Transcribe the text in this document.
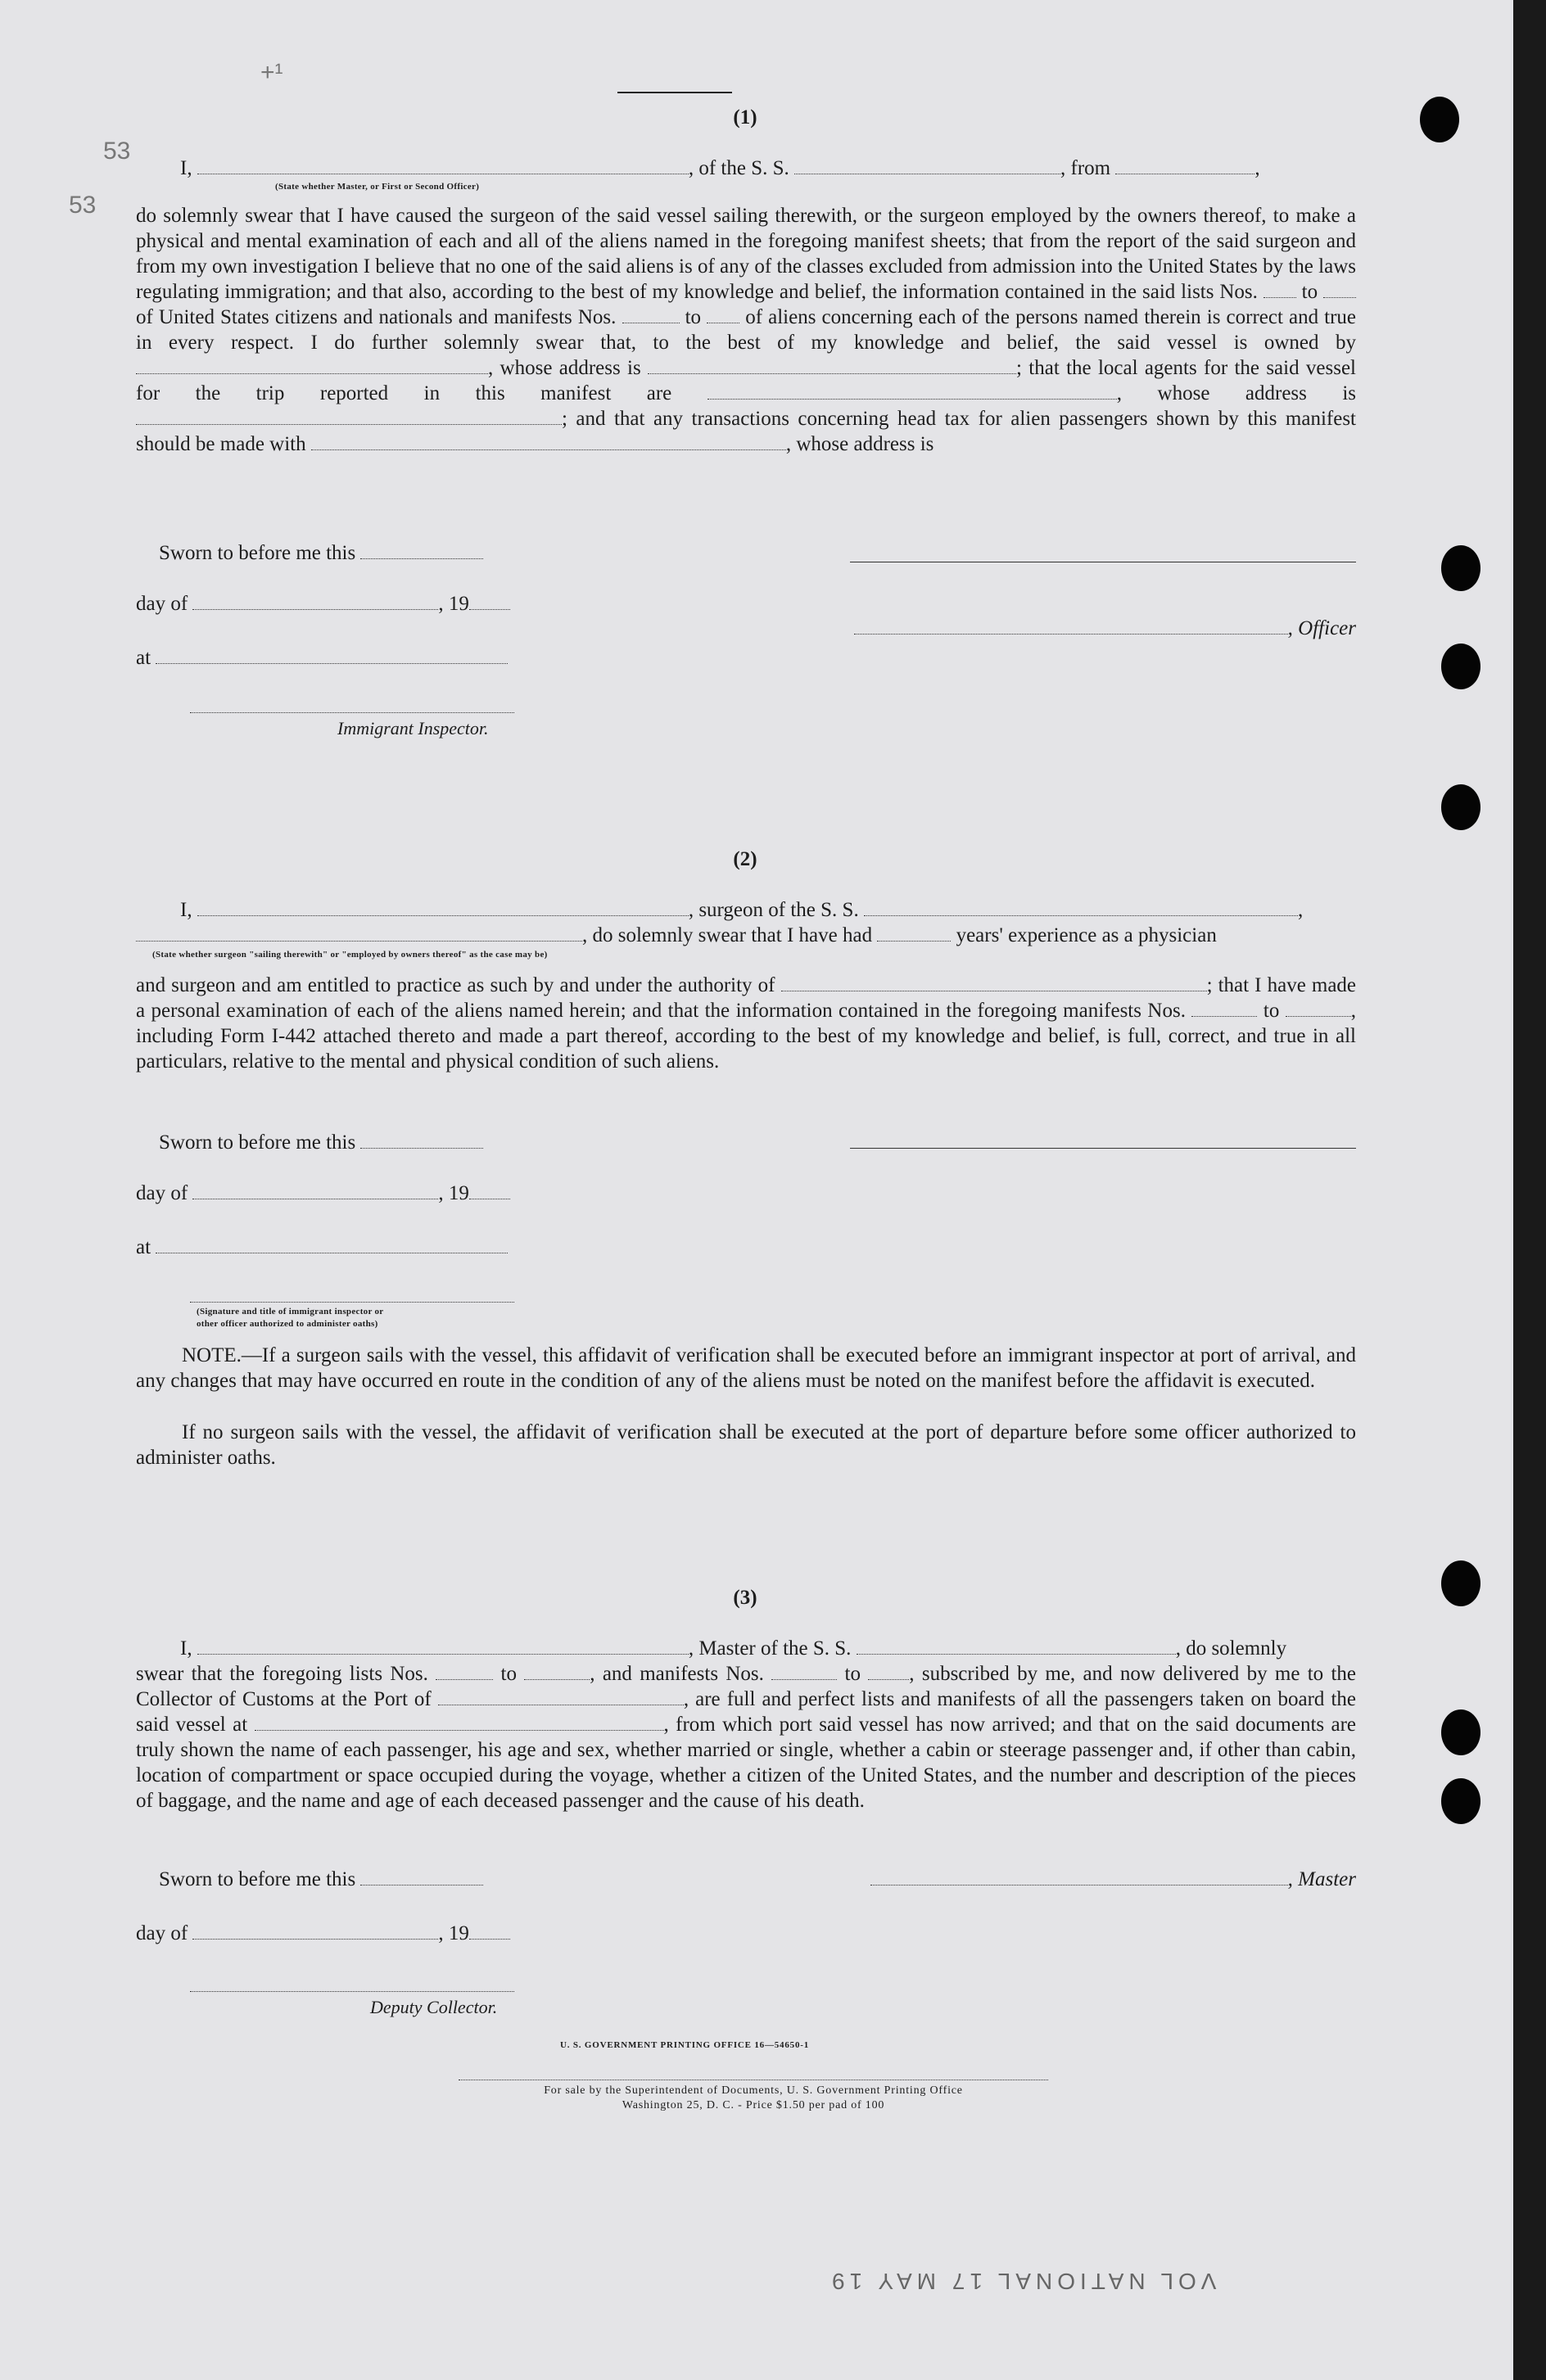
+¹
53
53
(1)
I,	, of the S. S.	, from	,
(State whether Master, or First or Second Officer)
do solemnly swear that I have caused the surgeon of the said vessel sailing therewith, or the surgeon employed by the owners thereof, to make a physical and mental examination of each and all of the aliens named in the foregoing manifest sheets; that from the report of the said surgeon and from my own investigation I believe that no one of the said aliens is of any of the classes excluded from admission into the United States by the laws regulating immigration; and that also, according to the best of my knowledge and belief, the information contained in the said lists Nos. to  of United States citizens and nationals and manifests Nos.	to of aliens concerning each of the persons named therein is correct and true in every respect. I do further solemnly swear that, to the best of my knowledge and belief, the said vessel is owned by , whose address is	; that the local agents for the said vessel for the trip reported in this manifest are	, whose address is ; and that any transactions concerning head tax for alien passengers shown by this manifest should be made with	, whose address is
Sworn to before me this
day of	, 19
at
Immigrant Inspector.
, Officer
(2)
I,	, surgeon of the S. S.	,
, do solemnly swear that I have had	years' experience as a physician
(State whether surgeon "sailing therewith" or "employed by owners thereof" as the case may be)
and surgeon and am entitled to practice as such by and under the authority of	; that I have made a personal examination of each of the aliens named herein; and that the information contained in the foregoing manifests Nos.	to	, including Form I-442 attached thereto and made a part thereof, according to the best of my knowledge and belief, is full, correct, and true in all particulars, relative to the mental and physical condition of such aliens.
Sworn to before me this
day of	, 19
at
(Signature and title of immigrant inspector or
other officer authorized to administer oaths)
NOTE.—If a surgeon sails with the vessel, this affidavit of verification shall be executed before an immigrant inspector at port of arrival, and any changes that may have occurred en route in the condition of any of the aliens must be noted on the manifest before the affidavit is executed.
If no surgeon sails with the vessel, the affidavit of verification shall be executed at the port of departure before some officer authorized to administer oaths.
(3)
I,	, Master of the S. S.	, do solemnly
swear that the foregoing lists Nos.	to	, and manifests Nos.	to , subscribed by me, and now delivered by me to the Collector of Customs at the Port of	, are full and perfect lists and manifests of all the passengers taken on board the said vessel at	, from which port said vessel has now arrived; and that on the said documents are truly shown the name of each passenger, his age and sex, whether married or single, whether a cabin or steerage passenger and, if other than cabin, location of compartment or space occupied during the voyage, whether a citizen of the United States, and the number and description of the pieces of baggage, and the name and age of each deceased passenger and the cause of his death.
Sworn to before me this	, Master
day of	, 19
Deputy Collector.
U. S. GOVERNMENT PRINTING OFFICE 16—54650-1
For sale by the Superintendent of Documents, U. S. Government Printing Office
Washington 25, D. C. - Price $1.50 per pad of 100
VOL NATIONAL 17 MAY 19
